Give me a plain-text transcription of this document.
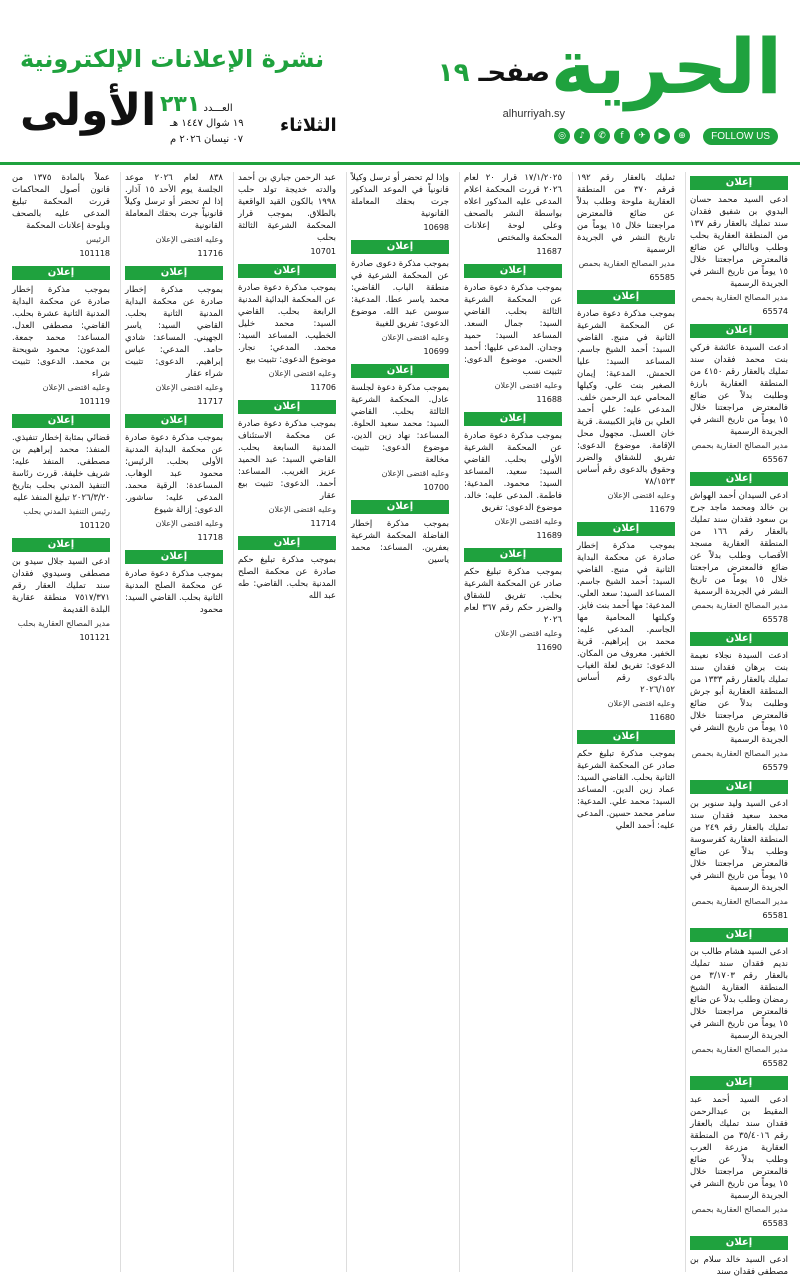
الحرية
صفحـ ١٩
alhurriyah.sy
◎	♪	✆	f	✈	▶	⊕	FOLLOW US
نشرة الإعلانات الإلكترونية
الأولى	العـــدد ٢٣١
الثلاثاء
١٩ شوال ١٤٤٧ هـ
٠٧ نيسان ٢٠٢٦ م
إعلان
ادعى السيد محمد حسان البدوي بن شفيق فقدان سند تمليك بالعقار رقم ١٣٧ من المنطقة العقارية بحلب وطلب وبالتالي عن ضائع فالمعترض مراجعتنا خلال ١٥ يوماً من تاريخ النشر في الجريدة الرسمية
مدير المصالح العقارية بحمص
65574
إعلان
ادعت السيدة عائشة فركي بنت محمد فقدان سند تمليك بالعقار رقم ٤١٥٠ من المنطقة العقارية بارزة وطلبت بدلاً عن ضائع فالمعترض مراجعتنا خلال ١٥ يوماً من تاريخ النشر في الجريدة الرسمية
مدير المصالح العقارية بحمص
65567
إعلان
ادعى السيدان أحمد الهواش بن خالد ومحمد ماجد جرح بن سعود فقدان سند تمليك بالعقار رقم ١٦٦ من المنطقة العقارية مسجد الأقصاب وطلب بدلاً عن ضائع فالمعترض مراجعتنا خلال ١٥ يوماً من تاريخ النشر في الجريدة الرسمية
مدير المصالح العقارية بحمص
65578
إعلان
ادعت السيدة نجلاء نعيمة بنت برهان فقدان سند تمليك بالعقار رقم ١٣٣٣ من المنطقة العقارية أبو جرش وطلبت بدلاً عن ضائع فالمعترض مراجعتنا خلال ١٥ يوماً من تاريخ النشر في الجريدة الرسمية
مدير المصالح العقارية بحمص
65579
إعلان
ادعى السيد وليد سنوبر بن محمد سعيد فقدان سند تمليك بالعقار رقم ٢٤٩ من المنطقة العقارية كفرسوسة وطلب بدلاً عن ضائع فالمعترض مراجعتنا خلال ١٥ يوماً من تاريخ النشر في الجريدة الرسمية
مدير المصالح العقارية بحمص
65581
إعلان
ادعى السيد هشام طالب بن نديم فقدان سند تمليك بالعقار رقم ٣/١٧٠٣ من المنطقة العقارية الشيخ رمضان وطلب بدلاً عن ضائع فالمعترض مراجعتنا خلال ١٥ يوماً من تاريخ النشر في الجريدة الرسمية
مدير المصالح العقارية بحمص
65582
إعلان
ادعى السيد أحمد عبد المقيط بن عبدالرحمن فقدان سند تمليك بالعقار رقم ٣٥/٤٠١٦ من المنطقة العقارية مزرعة العرب وطلب بدلاً عن ضائع فالمعترض مراجعتنا خلال ١٥ يوماً من تاريخ النشر في الجريدة الرسمية
مدير المصالح العقارية بحمص
65583
إعلان
ادعى السيد خالد سلام بن مصطفى فقدان سند
ثمليك بالعقار رقم ١٩٢ قرقم ٣٧٠ من المنطقة العقارية ملوحة وطلب بدلاً عن ضائع فالمعترض مراجعتنا خلال ١٥ يوماً من تاريخ النشر في الجريدة الرسمية
مدير المصالح العقارية بحمص
65585
إعلان
بموجب مذكرة دعوة صادرة عن المحكمة الشرعية الثانية في منبج. القاضي السيد: أحمد الشيخ جاسم. المساعد السيد: عليا الحمش. المدعية: إيمان الصغير بنت علي. وكيلها المحامي عبد الرحمن خلف. المدعى عليه: علي أحمد العلي بن فايز الكبيسة. قرية خان العسل. مجهول محل الإقامة. موضوع الدعوى: تفريق للشقاق والضرر وحقوق بالدعوى رقم أساس ٧٨/١٥٢٣
وعليه اقتضى الإعلان
11679
إعلان
بموجب مذكرة إخطار صادرة عن محكمة البداية الثانية في منبج. القاضي السيد: أحمد الشيخ جاسم. المساعد السيد: سعد العلي. المدعية: مها أحمد بنت فايز. وكيلتها المحامية مها الجاسم. المدعى عليه: محمد بن إبراهيم. قرية الخفير. معروف من المكان. الدعوى: تفريق لعلة الغياب بالدعوى رقم أساس ٢٠٢٦/١٥٢
وعليه اقتضى الإعلان
11680
إعلان
بموجب مذكرة تبليغ حكم صادر عن المحكمة الشرعية الثانية بحلب. القاضي السيد: عماد زين الدين. المساعد السيد: محمد علي. المدعية: سامر محمد حسين. المدعى عليه: أحمد العلي
١٧/١/٢٠٢٥ قرار ٢٠ لعام ٢٠٢٦ قررت المحكمة اعلام المدعى عليه المذكور اعلاه بواسطة النشر بالصحف وعلى لوحة إعلانات المحكمة والمختص
11687
إعلان
بموجب مذكرة دعوة صادرة عن المحكمة الشرعية الثالثة بحلب. القاضي السيد: جمال السعد. المساعد السيد: حميد وجدان. المدعى عليها: أحمد الحسن. موضوع الدعوى: تثبيت نسب
وعليه اقتضى الإعلان
11688
إعلان
بموجب مذكرة دعوة صادرة عن المحكمة الشرعية الأولى بحلب. القاضي السيد: سعيد. المساعد السيد: محمود. المدعية: فاطمة. المدعى عليه: خالد. موضوع الدعوى: تفريق
وعليه اقتضى الإعلان
11689
إعلان
بموجب مذكرة تبليغ حكم صادر عن المحكمة الشرعية بحلب. تفريق للشقاق والضرر حكم رقم ٣٦٧ لعام ٢٠٢٦
وعليه اقتضى الإعلان
11690
وإذا لم تحضر أو ترسل وكيلاً قانونياً في الموعد المذكور جرت بحقك المعاملة القانونية
10698
إعلان
بموجب مذكرة دعوى صادرة عن المحكمة الشرعية في منطقة الباب. القاضي: محمد ياسر عطا. المدعية: سوسن عبد الله. موضوع الدعوى: تفريق للغيبة
وعليه اقتضى الإعلان
10699
إعلان
بموجب مذكرة دعوة لجلسة عادل. المحكمة الشرعية الثالثة بحلب. القاضي السيد: محمد سعيد الحلوة. المساعد: نهاد زين الدين. موضوع الدعوى: تثبيت مخالعة
وعليه اقتضى الإعلان
10700
إعلان
بموجب مذكرة إخطار الفاضلة المحكمة الشرعية بعفرين. المساعد: محمد ياسين
عبد الرحمن جباري بن أحمد والدته خديجة تولد حلب ١٩٩٨ بالكون القيد الواقعية بالطلاق. بموجب قرار المحكمة الشرعية الثالثة بحلب
10701
إعلان
بموجب مذكرة دعوة صادرة عن المحكمة البدائية المدنية الرابعة بحلب. القاضي السيد: محمد خليل الخطيب. المساعد السيد: محمد. المدعي: نجار. موضوع الدعوى: تثبيت بيع
وعليه اقتضى الإعلان
11706
إعلان
بموجب مذكرة دعوة صادرة عن محكمة الاستئناف المدنية السابعة بحلب. القاضي السيد: عبد الحميد عزيز الغريب. المساعد: أحمد. الدعوى: تثبيت بيع عقار
وعليه اقتضى الإعلان
11714
إعلان
بموجب مذكرة تبليغ حكم صادرة عن محكمة الصلح المدنية بحلب. القاضي: طه عبد الله
٨٣٨ لعام ٢٠٢٦ موعد الجلسة يوم الأحد ١٥ آذار. إذا لم تحضر أو ترسل وكيلاً قانونياً جرت بحقك المعاملة القانونية
وعليه اقتضى الإعلان
11716
إعلان
بموجب مذكرة إخطار صادرة عن محكمة البداية المدنية الثانية بحلب. القاضي السيد: ياسر الجهيني. المساعد: شادي حامد. المدعي: عباس إبراهيم. الدعوى: تثبيت شراء عقار
وعليه اقتضى الإعلان
11717
إعلان
بموجب مذكرة دعوة صادرة عن محكمة البداية المدنية الأولى بحلب. الرئيس: محمود عبد الوهاب. المساعدة: الرقية محمد. المدعى عليه: ساشور. الدعوى: إزالة شيوع
وعليه اقتضى الإعلان
11718
إعلان
بموجب مذكرة دعوة صادرة عن محكمة الصلح المدنية الثانية بحلب. القاضي السيد: محمود
عملاً بالمادة ١٣٧٥ من قانون أصول المحاكمات قررت المحكمة تبليغ المدعى عليه بالصحف وبلوحة إعلانات المحكمة
الرئيس
101118
إعلان
بموجب مذكرة إخطار صادرة عن محكمة البداية المدنية الثانية عشرة بحلب. القاضي: مصطفى العدل. المساعد: محمد جمعة. المدعون: محمود شويحنة بن محمد. الدعوى: تثبيت شراء
وعليه اقتضى الإعلان
101119
إعلان
قضائي بمثابة إخطار تنفيذي. المنفذ: محمد إبراهيم بن مصطفى. المنفذ عليه: شريف خليفة. قررت رئاسة التنفيذ المدني بحلب بتاريخ ٢٠٢٦/٣/٢٠ تبليغ المنفذ عليه
رئيس التنفيذ المدني بحلب
101120
إعلان
ادعى السيد جلال سيدو بن مصطفى وسيدوي فقدان سند تمليك العقار رقم ٧٥١٧/٣٧١ منطقة عقارية البلدة القديمة
مدير المصالح العقارية بحلب
101121
